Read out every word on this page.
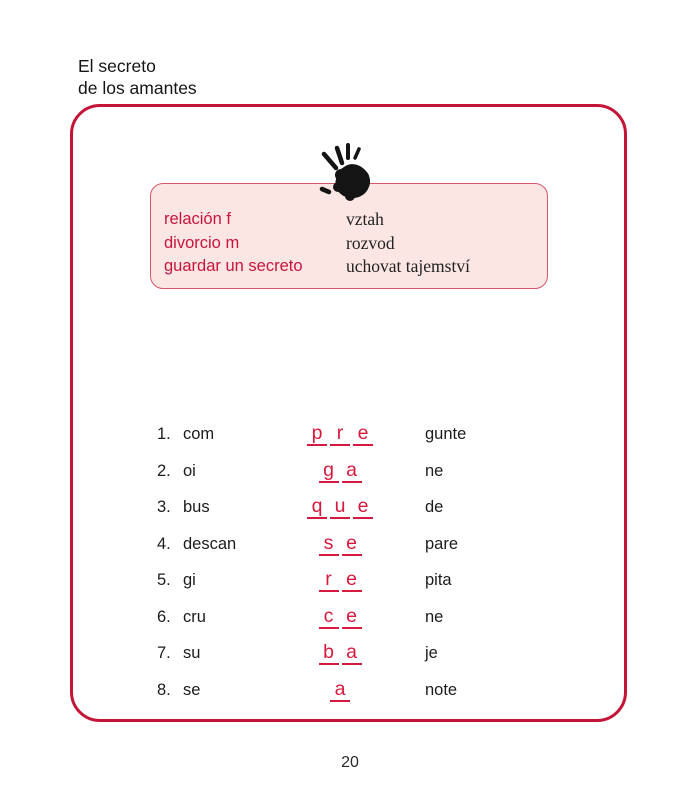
El secreto
de los amantes
relación f	vztah
divorcio m	rozvod
guardar un secreto	uchovat tajemství
1. com	p r e	gunte
2. oi	g a	ne
3. bus	q u e	de
4. descan	s e	pare
5. gi	r e	pita
6. cru	c e	ne
7. su	b a	je
8. se	a	note
20
